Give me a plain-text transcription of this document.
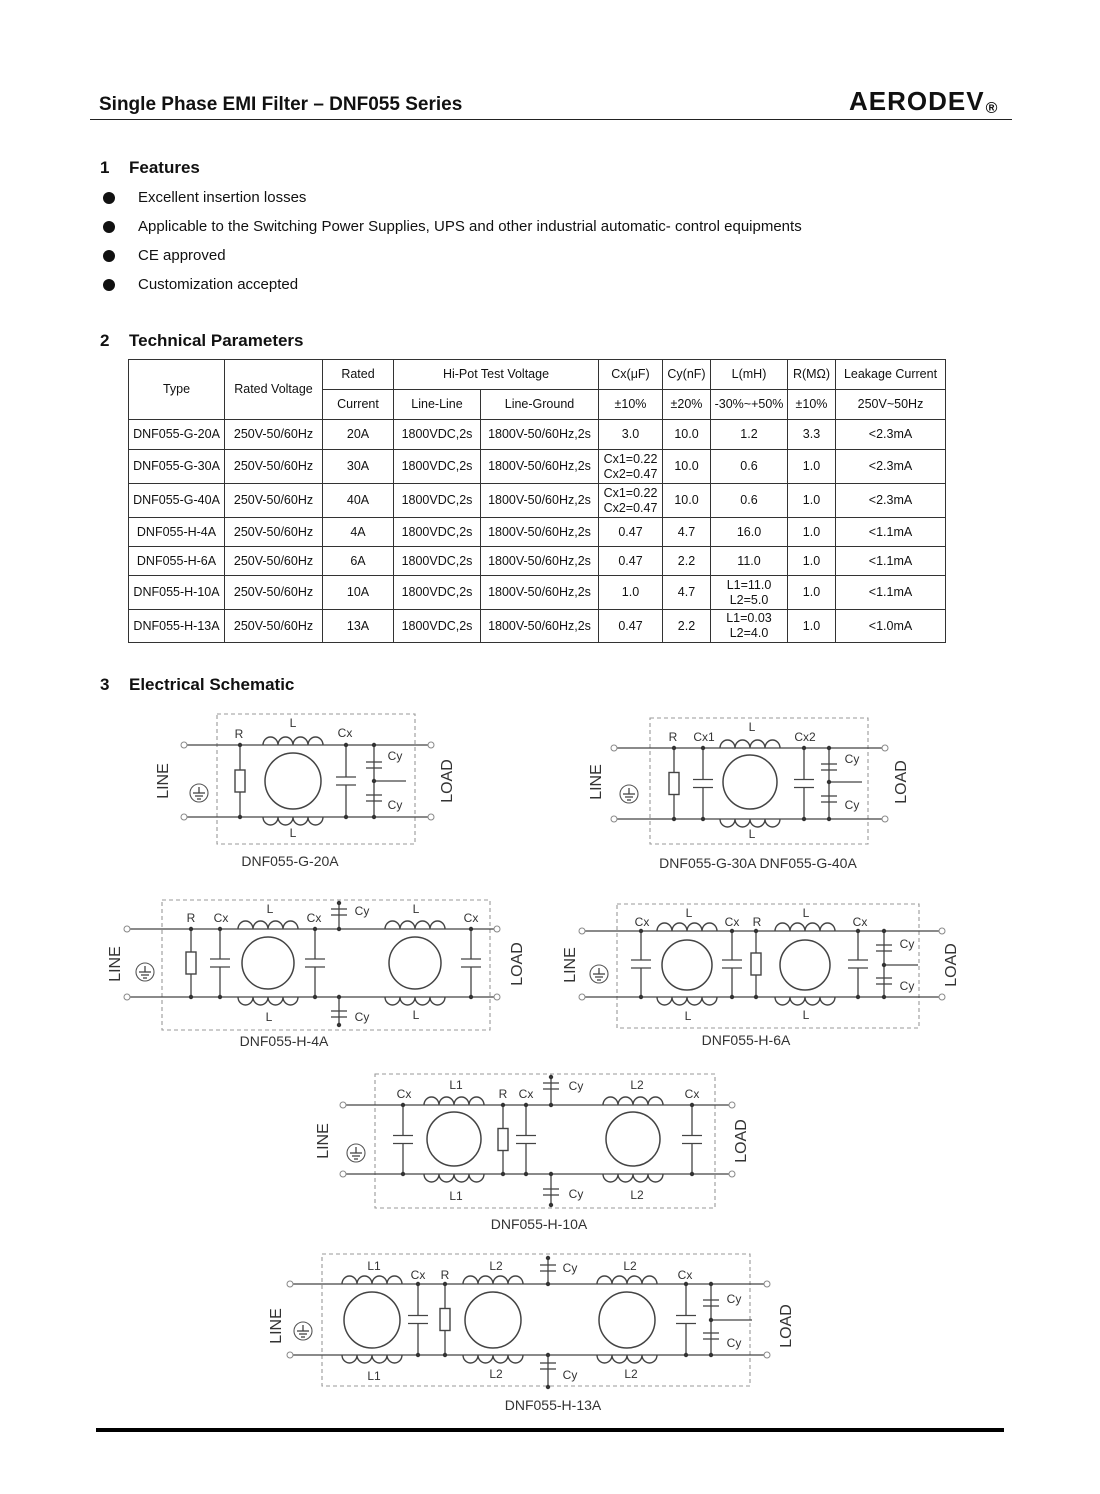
Single Phase EMI Filter – DNF055 Series	AERODEV®
1 Features
Excellent insertion losses
Applicable to the Switching Power Supplies, UPS and other industrial automatic- control equipments
CE approved
Customization accepted
2 Technical Parameters
Type	Rated Voltage	Rated	Hi-Pot Test Voltage		Cx(μF)	Cy(nF)	L(mH)	R(MΩ)	Leakage Current
		Current	Line-Line	Line-Ground	±10%	±20%	-30%~+50%	±10%	250V~50Hz
DNF055-G-20A	250V-50/60Hz	20A	1800VDC,2s	1800V-50/60Hz,2s	3.0	10.0	1.2	3.3	<2.3mA
DNF055-G-30A	250V-50/60Hz	30A	1800VDC,2s	1800V-50/60Hz,2s	Cx1=0.22
Cx2=0.47	10.0	0.6	1.0	<2.3mA
DNF055-G-40A	250V-50/60Hz	40A	1800VDC,2s	1800V-50/60Hz,2s	Cx1=0.22
Cx2=0.47	10.0	0.6	1.0	<2.3mA
DNF055-H-4A	250V-50/60Hz	4A	1800VDC,2s	1800V-50/60Hz,2s	0.47	4.7	16.0	1.0	<1.1mA
DNF055-H-6A	250V-50/60Hz	6A	1800VDC,2s	1800V-50/60Hz,2s	0.47	2.2	11.0	1.0	<1.1mA
DNF055-H-10A	250V-50/60Hz	10A	1800VDC,2s	1800V-50/60Hz,2s	1.0	4.7	L1=11.0
L2=5.0	1.0	<1.1mA
DNF055-H-13A	250V-50/60Hz	13A	1800VDC,2s	1800V-50/60Hz,2s	0.47	2.2	L1=0.03
L2=4.0	1.0	<1.0mA
3 Electrical Schematic
R
L
L
Cx
Cy
Cy
LINE	LOAD
DNF055-G-20A
R Cx1
L
Cx2
L
Cy
Cy
LINE	LOAD
DNF055-G-30A DNF055-G-40A
R Cx
L
Cx	Cy	L
Cx
L	Cy	L
LINE	LOAD
DNF055-H-4A
Cx
L
Cx R
L
Cx
Cy
Cy
L	L
LINE	LOAD
DNF055-H-6A
Cx
L1
R Cx
Cy	L2
Cx
L1	Cy	L2
LINE	LOAD
DNF055-H-10A
L1
Cx R
L2	Cy	L2
Cx
Cy
Cy
L1	L2	Cy	L2
LINE	LOAD
DNF055-H-13A
